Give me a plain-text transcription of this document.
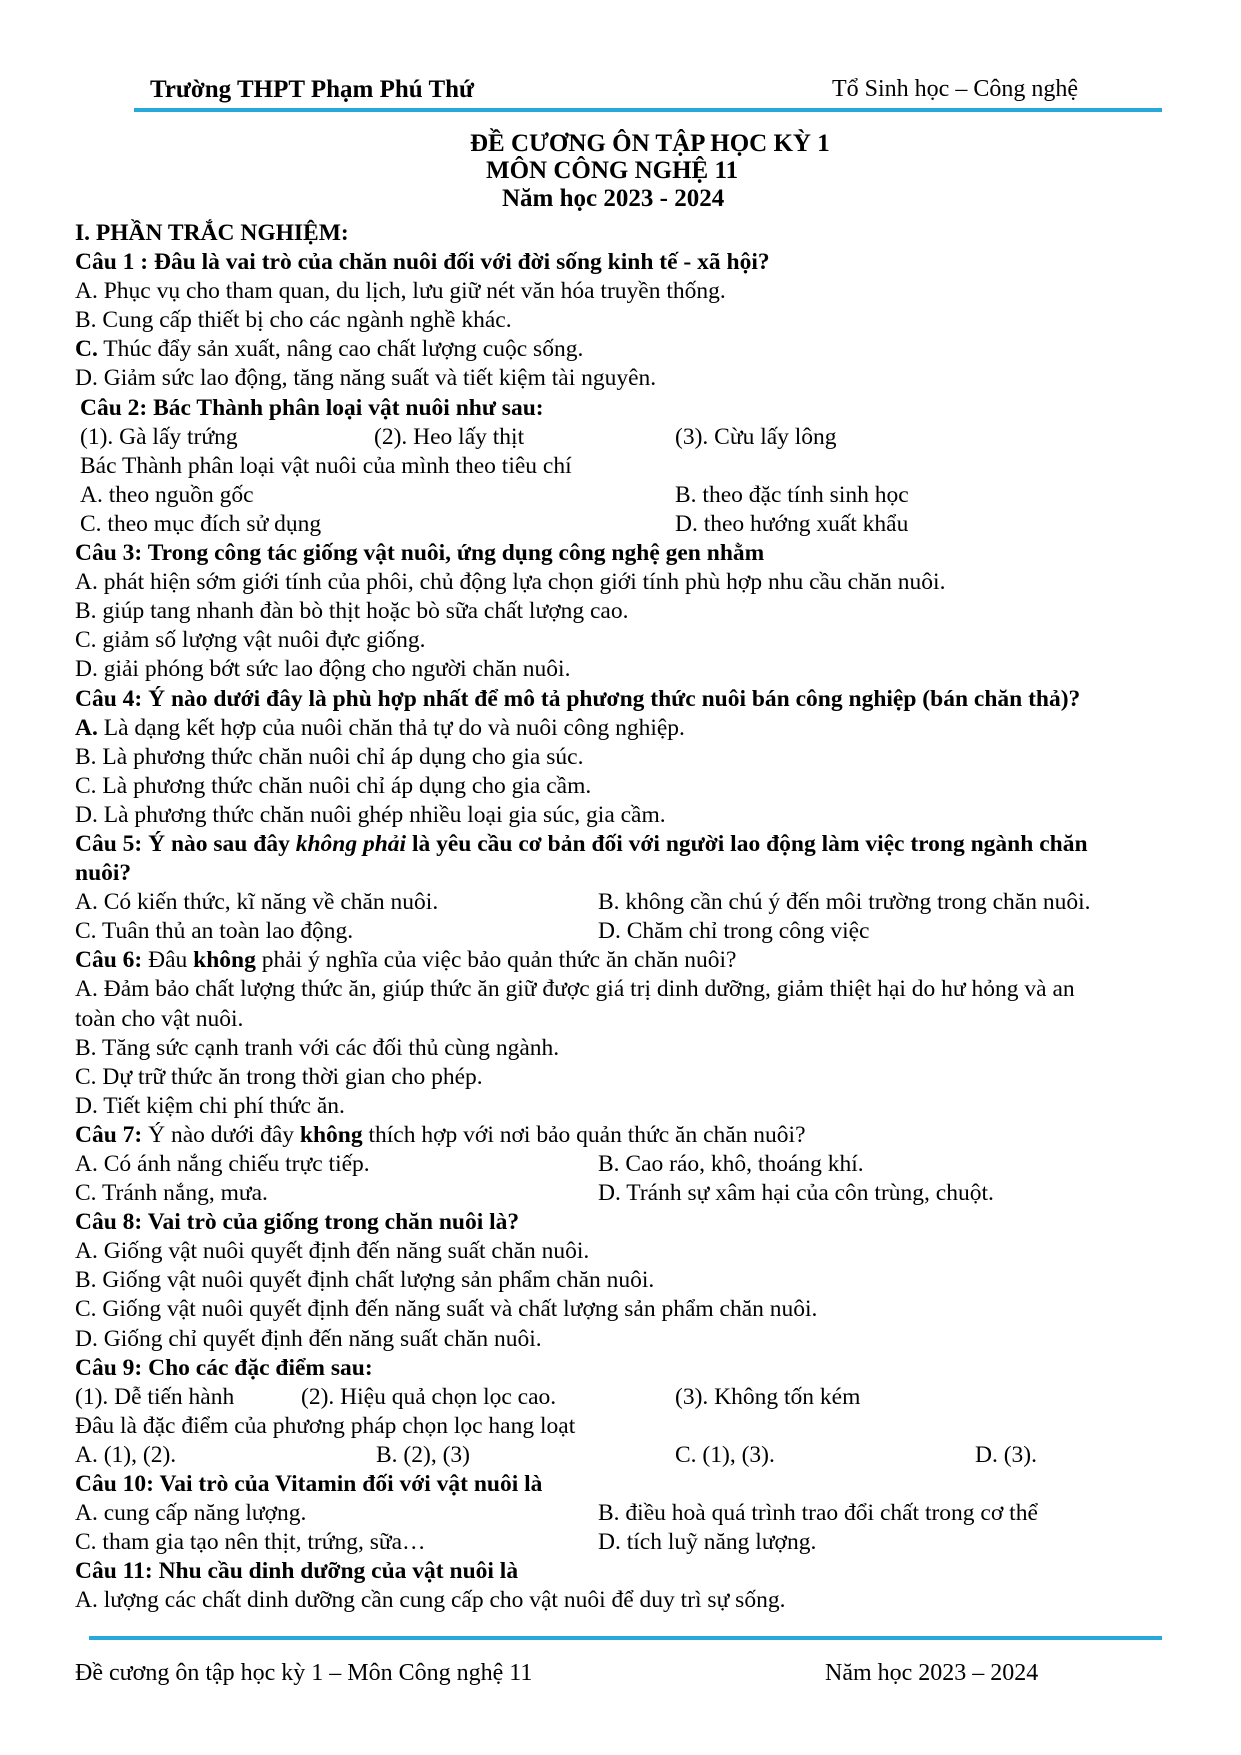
Trường THPT Phạm Phú Thứ	Tổ Sinh học – Công nghệ
ĐỀ CƯƠNG ÔN TẬP HỌC KỲ 1
MÔN CÔNG NGHỆ 11
Năm học 2023 - 2024
I. PHẦN TRẮC NGHIỆM:
Câu 1 : Đâu là vai trò của chăn nuôi đối với đời sống kinh tế - xã hội?
A. Phục vụ cho tham quan, du lịch, lưu giữ nét văn hóa truyền thống.
B. Cung cấp thiết bị cho các ngành nghề khác.
C. Thúc đẩy sản xuất, nâng cao chất lượng cuộc sống.
D. Giảm sức lao động, tăng năng suất và tiết kiệm tài nguyên.
Câu 2: Bác Thành phân loại vật nuôi như sau:
(1). Gà lấy trứng	(2). Heo lấy thịt	(3). Cừu lấy lông
Bác Thành phân loại vật nuôi của mình theo tiêu chí
A. theo nguồn gốc	B. theo đặc tính sinh học
C. theo mục đích sử dụng	D. theo hướng xuất khẩu
Câu 3: Trong công tác giống vật nuôi, ứng dụng công nghệ gen nhằm
A. phát hiện sớm giới tính của phôi, chủ động lựa chọn giới tính phù hợp nhu cầu chăn nuôi.
B. giúp tang nhanh đàn bò thịt hoặc bò sữa chất lượng cao.
C. giảm số lượng vật nuôi đực giống.
D. giải phóng bớt sức lao động cho người chăn nuôi.
Câu 4: Ý nào dưới đây là phù hợp nhất để mô tả phương thức nuôi bán công nghiệp (bán chăn thả)?
A. Là dạng kết hợp của nuôi chăn thả tự do và nuôi công nghiệp.
B. Là phương thức chăn nuôi chỉ áp dụng cho gia súc.
C. Là phương thức chăn nuôi chỉ áp dụng cho gia cầm.
D. Là phương thức chăn nuôi ghép nhiều loại gia súc, gia cầm.
Câu 5: Ý nào sau đây không phải là yêu cầu cơ bản đối với người lao động làm việc trong ngành chăn
nuôi?
A. Có kiến thức, kĩ năng về chăn nuôi.	B. không cần chú ý đến môi trường trong chăn nuôi.
C. Tuân thủ an toàn lao động.	D. Chăm chỉ trong công việc
Câu 6: Đâu không phải ý nghĩa của việc bảo quản thức ăn chăn nuôi?
A. Đảm bảo chất lượng thức ăn, giúp thức ăn giữ được giá trị dinh dưỡng, giảm thiệt hại do hư hỏng và an
toàn cho vật nuôi.
B. Tăng sức cạnh tranh với các đối thủ cùng ngành.
C. Dự trữ thức ăn trong thời gian cho phép.
D. Tiết kiệm chi phí thức ăn.
Câu 7: Ý nào dưới đây không thích hợp với nơi bảo quản thức ăn chăn nuôi?
A. Có ánh nắng chiếu trực tiếp.	B. Cao ráo, khô, thoáng khí.
C. Tránh nắng, mưa.	D. Tránh sự xâm hại của côn trùng, chuột.
Câu 8: Vai trò của giống trong chăn nuôi là?
A. Giống vật nuôi quyết định đến năng suất chăn nuôi.
B. Giống vật nuôi quyết định chất lượng sản phẩm chăn nuôi.
C. Giống vật nuôi quyết định đến năng suất và chất lượng sản phẩm chăn nuôi.
D. Giống chỉ quyết định đến năng suất chăn nuôi.
Câu 9: Cho các đặc điểm sau:
(1). Dễ tiến hành	(2). Hiệu quả chọn lọc cao.	(3). Không tốn kém
Đâu là đặc điểm của phương pháp chọn lọc hang loạt
A. (1), (2).	B. (2), (3)	C. (1), (3).	D. (3).
Câu 10: Vai trò của Vitamin đối với vật nuôi là
A. cung cấp năng lượng.	B. điều hoà quá trình trao đổi chất trong cơ thể
C. tham gia tạo nên thịt, trứng, sữa…	D. tích luỹ năng lượng.
Câu 11: Nhu cầu dinh dưỡng của vật nuôi là
A. lượng các chất dinh dưỡng cần cung cấp cho vật nuôi để duy trì sự sống.
Đề cương ôn tập học kỳ 1 – Môn Công nghệ 11	Năm học 2023 – 2024
